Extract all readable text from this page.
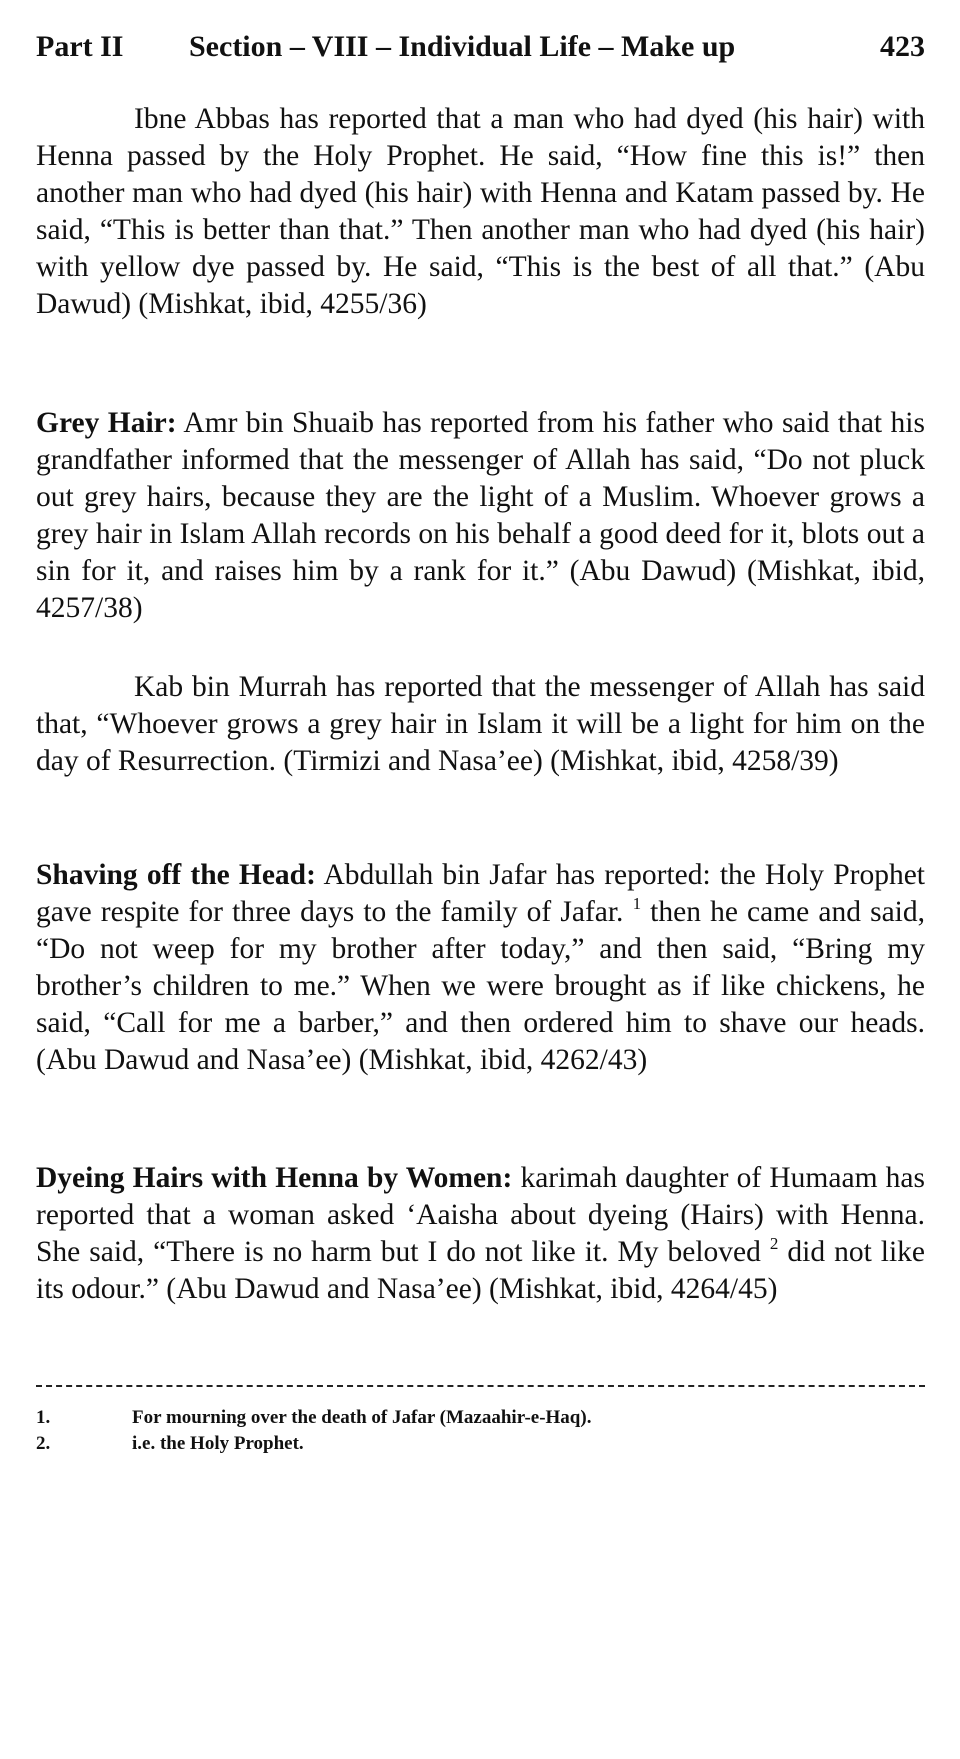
Part II Section – VIII – Individual Life – Make up	423

Ibne Abbas has reported that a man who had dyed (his hair) with Henna passed by the Holy Prophet. He said, “How fine this is!” then another man who had dyed (his hair) with Henna and Katam passed by. He said, “This is better than that.” Then another man who had dyed (his hair) with yellow dye passed by. He said, “This is the best of all that.” (Abu Dawud) (Mishkat, ibid, 4255/36)

Grey Hair: Amr bin Shuaib has reported from his father who said that his grandfather informed that the messenger of Allah has said, “Do not pluck out grey hairs, because they are the light of a Muslim. Whoever grows a grey hair in Islam Allah records on his behalf a good deed for it, blots out a sin for it, and raises him by a rank for it.” (Abu Dawud) (Mishkat, ibid, 4257/38)

Kab bin Murrah has reported that the messenger of Allah has said that, “Whoever grows a grey hair in Islam it will be a light for him on the day of Resurrection. (Tirmizi and Nasa’ee) (Mishkat, ibid, 4258/39)

Shaving off the Head: Abdullah bin Jafar has reported: the Holy Prophet gave respite for three days to the family of Jafar. $^1$ then he came and said, “Do not weep for my brother after today,” and then said, “Bring my brother’s children to me.” When we were brought as if like chickens, he said, “Call for me a barber,” and then ordered him to shave our heads. (Abu Dawud and Nasa’ee) (Mishkat, ibid, 4262/43)

Dyeing Hairs with Henna by Women: karimah daughter of Humaam has reported that a woman asked ‘Aaisha about dyeing (Hairs) with Henna. She said, “There is no harm but I do not like it. My beloved $^2$ did not like its odour.” (Abu Dawud and Nasa’ee) (Mishkat, ibid, 4264/45)

1.	For mourning over the death of Jafar (Mazaahir-e-Haq).
2.	i.e. the Holy Prophet.
